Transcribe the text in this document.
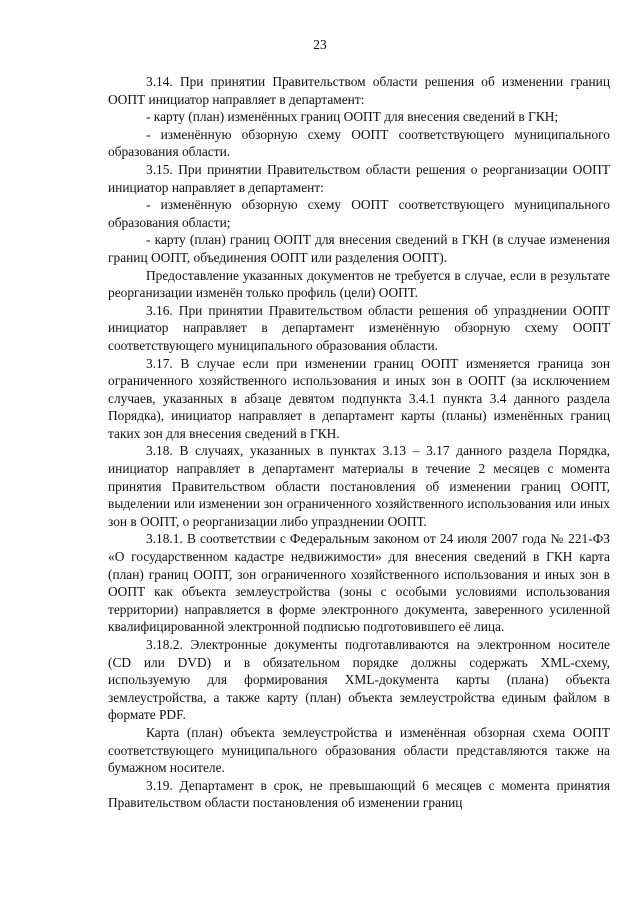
23

3.14. При принятии Правительством области решения об изменении границ ООПТ инициатор направляет в департамент:

- карту (план) изменённых границ ООПТ для внесения сведений в ГКН;

- изменённую обзорную схему ООПТ соответствующего муниципального образования области.

3.15. При принятии Правительством области решения о реорганизации ООПТ инициатор направляет в департамент:

- изменённую обзорную схему ООПТ соответствующего муниципального образования области;

- карту (план) границ ООПТ для внесения сведений в ГКН (в случае изменения границ ООПТ, объединения ООПТ или разделения ООПТ).

Предоставление указанных документов не требуется в случае, если в результате реорганизации изменён только профиль (цели) ООПТ.

3.16. При принятии Правительством области решения об упразднении ООПТ инициатор направляет в департамент изменённую обзорную схему ООПТ соответствующего муниципального образования области.

3.17. В случае если при изменении границ ООПТ изменяется граница зон ограниченного хозяйственного использования и иных зон в ООПТ (за исключением случаев, указанных в абзаце девятом подпункта 3.4.1 пункта 3.4 данного раздела Порядка), инициатор направляет в департамент карты (планы) изменённых границ таких зон для внесения сведений в ГКН.

3.18. В случаях, указанных в пунктах 3.13 – 3.17 данного раздела Порядка, инициатор направляет в департамент материалы в течение 2 месяцев с момента принятия Правительством области постановления об изменении границ ООПТ, выделении или изменении зон ограниченного хозяйственного использования или иных зон в ООПТ, о реорганизации либо упразднении ООПТ.

3.18.1. В соответствии с Федеральным законом от 24 июля 2007 года № 221-ФЗ «О государственном кадастре недвижимости» для внесения сведений в ГКН карта (план) границ ООПТ, зон ограниченного хозяйственного использования и иных зон в ООПТ как объекта землеустройства (зоны с особыми условиями использования территории) направляется в форме электронного документа, заверенного усиленной квалифицированной электронной подписью подготовившего её лица.

3.18.2. Электронные документы подготавливаются на электронном носителе (CD или DVD) и в обязательном порядке должны содержать XML-схему, используемую для формирования XML-документа карты (плана) объекта землеустройства, а также карту (план) объекта землеустройства единым файлом в формате PDF.

Карта (план) объекта землеустройства и изменённая обзорная схема ООПТ соответствующего муниципального образования области представляются также на бумажном носителе.

3.19. Департамент в срок, не превышающий 6 месяцев с момента принятия Правительством области постановления об изменении границ
